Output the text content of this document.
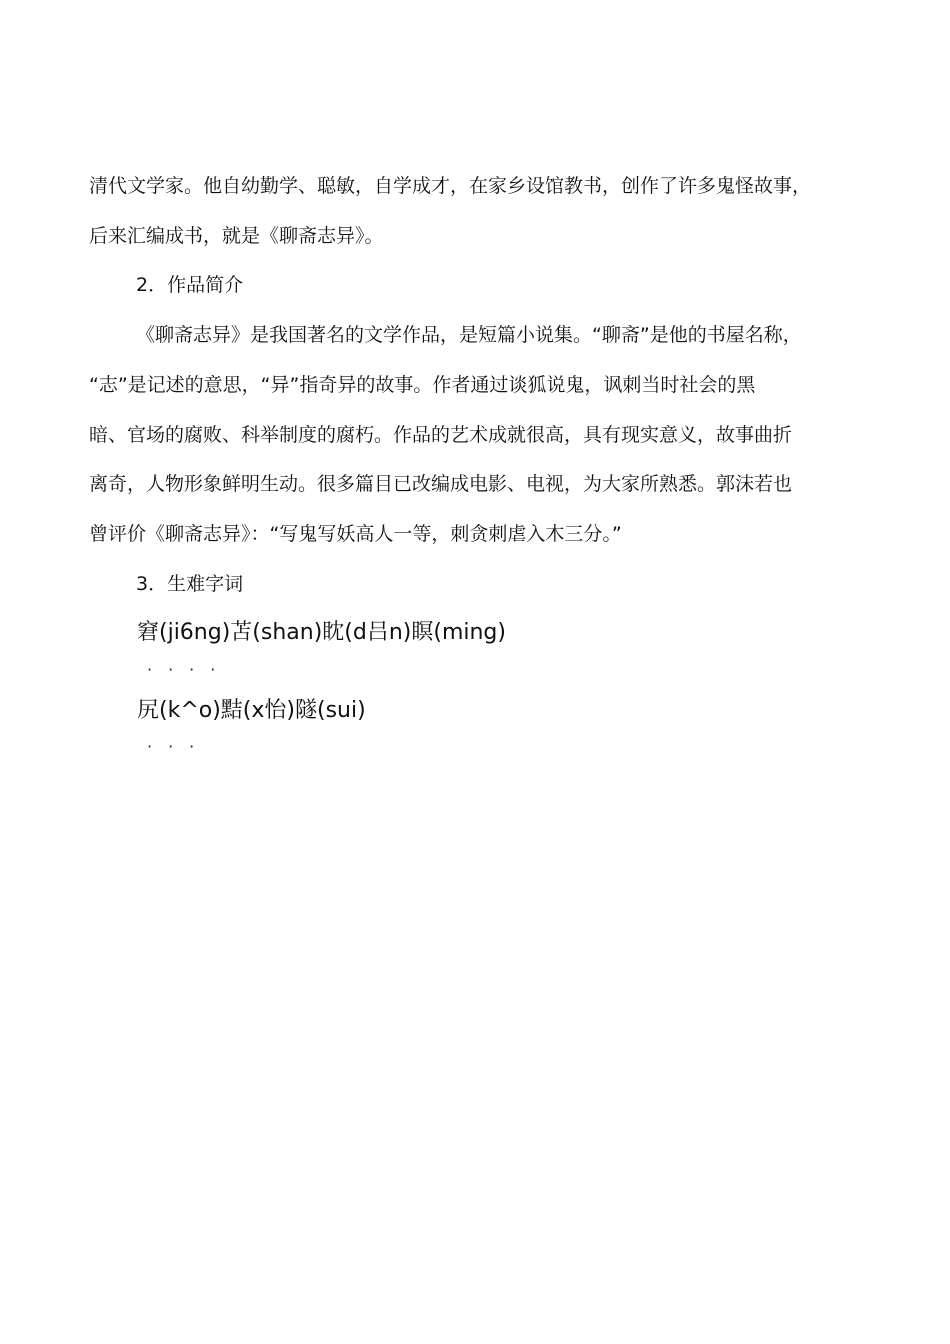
清代文学家。他自幼勤学、聪敏，自学成才，在家乡设馆教书，创作了许多鬼怪故事，
后来汇编成书，就是《聊斋志异》。
2．作品简介
《聊斋志异》是我国著名的文学作品，是短篇小说集。“聊斋”是他的书屋名称，
“志”是记述的意思，“异”指奇异的故事。作者通过谈狐说鬼，讽刺当时社会的黑
暗、官场的腐败、科举制度的腐朽。作品的艺术成就很高，具有现实意义，故事曲折
离奇，人物形象鲜明生动。很多篇目已改编成电影、电视，为大家所熟悉。郭沫若也
曾评价《聊斋志异》：“写鬼写妖高人一等，刺贪刺虐入木三分。”
3．生难字词
窘(ji6ng)苫(shan)眈(d吕n)瞑(ming)
····
尻(k^o)黠(x怡)隧(sui)
···
